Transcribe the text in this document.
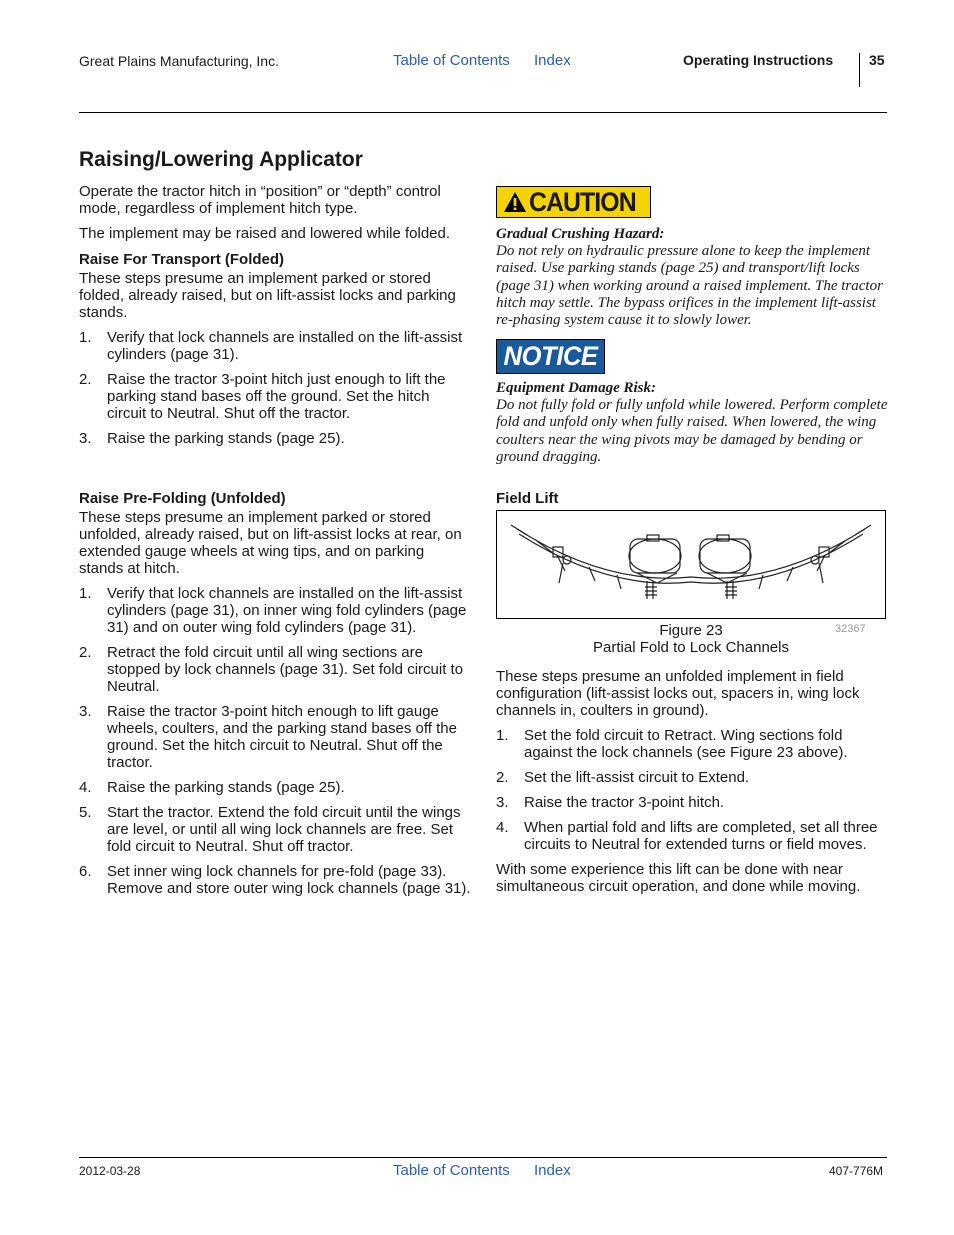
Great Plains Manufacturing, Inc.	Table of Contents Index	Operating Instructions	35
Raising/Lowering Applicator

Operate the tractor hitch in “position” or “depth” control mode, regardless of implement hitch type.

The implement may be raised and lowered while folded.

Raise For Transport (Folded)

These steps presume an implement parked or stored folded, already raised, but on lift-assist locks and parking stands.

1. Verify that lock channels are installed on the lift-assist cylinders (page 31).
2. Raise the tractor 3-point hitch just enough to lift the parking stand bases off the ground. Set the hitch circuit to Neutral. Shut off the tractor.
3. Raise the parking stands (page 25).
Raise Pre-Folding (Unfolded)

These steps presume an implement parked or stored unfolded, already raised, but on lift-assist locks at rear, on extended gauge wheels at wing tips, and on parking stands at hitch.

1. Verify that lock channels are installed on the lift-assist cylinders (page 31), on inner wing fold cylinders (page 31) and on outer wing fold cylinders (page 31).
2. Retract the fold circuit until all wing sections are stopped by lock channels (page 31). Set fold circuit to Neutral.
3. Raise the tractor 3-point hitch enough to lift gauge wheels, coulters, and the parking stand bases off the ground. Set the hitch circuit to Neutral. Shut off the tractor.
4. Raise the parking stands (page 25).
5. Start the tractor. Extend the fold circuit until the wings are level, or until all wing lock channels are free. Set fold circuit to Neutral. Shut off tractor.
6. Set inner wing lock channels for pre-fold (page 33). Remove and store outer wing lock channels (page 31).
CAUTION
Gradual Crushing Hazard:
Do not rely on hydraulic pressure alone to keep the implement raised. Use parking stands (page 25) and transport/lift locks (page 31) when working around a raised implement. The tractor hitch may settle. The bypass orifices in the implement lift-assist re-phasing system cause it to slowly lower.
NOTICE
Equipment Damage Risk:
Do not fully fold or fully unfold while lowered. Perform complete fold and unfold only when fully raised. When lowered, the wing coulters near the wing pivots may be damaged by bending or ground dragging.
Field Lift
Figure 23
Partial Fold to Lock Channels
32367

These steps presume an unfolded implement in field configuration (lift-assist locks out, spacers in, wing lock channels in, coulters in ground).

1. Set the fold circuit to Retract. Wing sections fold against the lock channels (see Figure 23 above).
2. Set the lift-assist circuit to Extend.
3. Raise the tractor 3-point hitch.
4. When partial fold and lifts are completed, set all three circuits to Neutral for extended turns or field moves.

With some experience this lift can be done with near simultaneous circuit operation, and done while moving.

2012-03-28	Table of Contents Index	407-776M
